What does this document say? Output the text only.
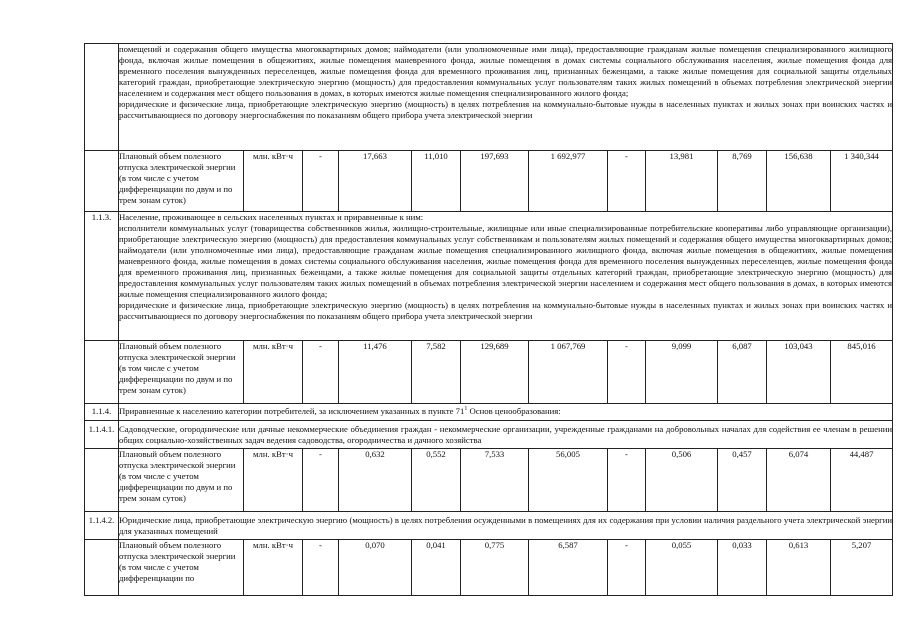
	помещений и содержания общего имущества многоквартирных домов; наймодатели (или уполномоченные ими лица), предоставляющие гражданам жилые помещения специализированного жилищного фонда, включая жилые помещения в общежитиях, жилые помещения маневренного фонда, жилые помещения в домах системы социального обслуживания населения, жилые помещения фонда для временного поселения вынужденных переселенцев, жилые помещения фонда для временного проживания лиц, признанных беженцами, а также жилые помещения для социальной защиты отдельных категорий граждан, приобретающие электрическую энергию (мощность) для предоставления коммунальных услуг пользователям таких жилых помещений в объемах потребления электрической энергии населением и содержания мест общего пользования в домах, в которых имеются жилые помещения специализированного жилого фонда;

юридические и физические лица, приобретающие электрическую энергию (мощность) в целях потребления на коммунально-бытовые нужды в населенных пунктах и жилых зонах при воинских частях и рассчитывающиеся по договору энергоснабжения по показаниям общего прибора учета электрической энергии											

	Плановый объем полезного отпуска электрической энергии (в том числе с учетом дифференциации по двум и по трем зонам суток)	млн. кВт·ч	-	17,663	11,010	197,693	1 692,977	-	13,981	8,769	156,638	1 340,344
1.1.3.	Население, проживающее в сельских населенных пунктах и приравненные к ним:

исполнители коммунальных услуг (товарищества собственников жилья, жилищно-строительные, жилищные или иные специализированные потребительские кооперативы либо управляющие организации), приобретающие электрическую энергию (мощность) для предоставления коммунальных услуг собственникам и пользователям жилых помещений и содержания общего имущества многоквартирных домов; наймодатели (или уполномоченные ими лица), предоставляющие гражданам жилые помещения специализированного жилищного фонда, включая жилые помещения в общежитиях, жилые помещения маневренного фонда, жилые помещения в домах системы социального обслуживания населения, жилые помещения фонда для временного поселения вынужденных переселенцев, жилые помещения фонда для временного проживания лиц, признанных беженцами, а также жилые помещения для социальной защиты отдельных категорий граждан, приобретающие электрическую энергию (мощность) для предоставления коммунальных услуг пользователям таких жилых помещений в объемах потребления электрической энергии населением и содержания мест общего пользования в домах, в которых имеются жилые помещения специализированного жилого фонда;

юридические и физические лица, приобретающие электрическую энергию (мощность) в целях потребления на коммунально-бытовые нужды в населенных пунктах и жилых зонах при воинских частях и рассчитывающиеся по договору энергоснабжения по показаниям общего прибора учета электрической энергии											

	Плановый объем полезного отпуска электрической энергии (в том числе с учетом дифференциации по двум и по трем зонам суток)	млн. кВт·ч	-	11,476	7,582	129,689	1 067,769	-	9,099	6,087	103,043	845,016
1.1.4.	Приравненные к населению категории потребителей, за исключением указанных в пункте $71^1$ Основ ценообразования:											
1.1.4.1.	Садоводческие, огороднические или дачные некоммерческие объединения граждан - некоммерческие организации, учрежденные гражданами на добровольных началах для содействия ее членам в решении общих социально-хозяйственных задач ведения садоводства, огородничества и дачного хозяйства											

	Плановый объем полезного отпуска электрической энергии (в том числе с учетом дифференциации по двум и по трем зонам суток)	млн. кВт·ч	-	0,632	0,552	7,533	56,005	-	0,506	0,457	6,074	44,487
1.1.4.2.	Юридические лица, приобретающие электрическую энергию (мощность) в целях потребления осужденными в помещениях для их содержания при условии наличия раздельного учета электрической энергии для указанных помещений											

	Плановый объем полезного отпуска электрической энергии (в том числе с учетом дифференциации по	млн. кВт·ч	-	0,070	0,041	0,775	6,587	-	0,055	0,033	0,613	5,207
